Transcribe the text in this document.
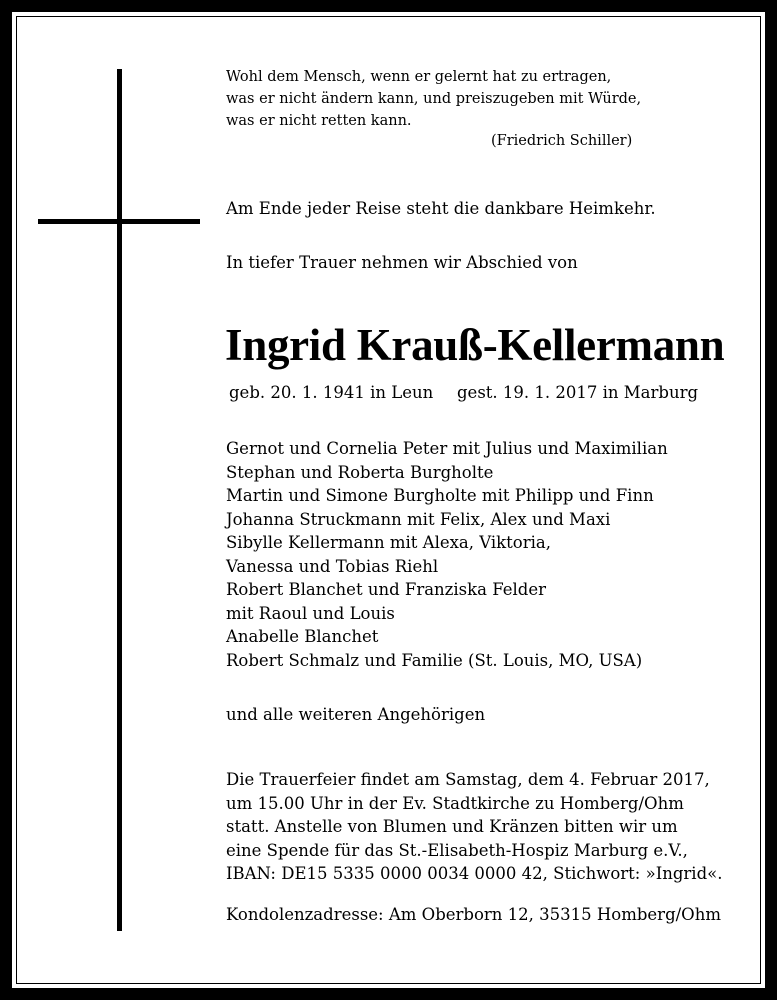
Wohl dem Mensch, wenn er gelernt hat zu ertragen,
was er nicht ändern kann, und preiszugeben mit Würde,
was er nicht retten kann.
(Friedrich Schiller)
Am Ende jeder Reise steht die dankbare Heimkehr.
In tiefer Trauer nehmen wir Abschied von
Ingrid Krauß-Kellermann
geb. 20. 1. 1941 in Leun gest. 19. 1. 2017 in Marburg
Gernot und Cornelia Peter mit Julius und Maximilian
Stephan und Roberta Burgholte
Martin und Simone Burgholte mit Philipp und Finn
Johanna Struckmann mit Felix, Alex und Maxi
Sibylle Kellermann mit Alexa, Viktoria,
Vanessa und Tobias Riehl
Robert Blanchet und Franziska Felder
mit Raoul und Louis
Anabelle Blanchet
Robert Schmalz und Familie (St. Louis, MO, USA)
und alle weiteren Angehörigen
Die Trauerfeier findet am Samstag, dem 4. Februar 2017,
um 15.00 Uhr in der Ev. Stadtkirche zu Homberg/Ohm
statt. Anstelle von Blumen und Kränzen bitten wir um
eine Spende für das St.-Elisabeth-Hospiz Marburg e.V.,
IBAN: DE15 5335 0000 0034 0000 42, Stichwort: »Ingrid«.
Kondolenzadresse: Am Oberborn 12, 35315 Homberg/Ohm
